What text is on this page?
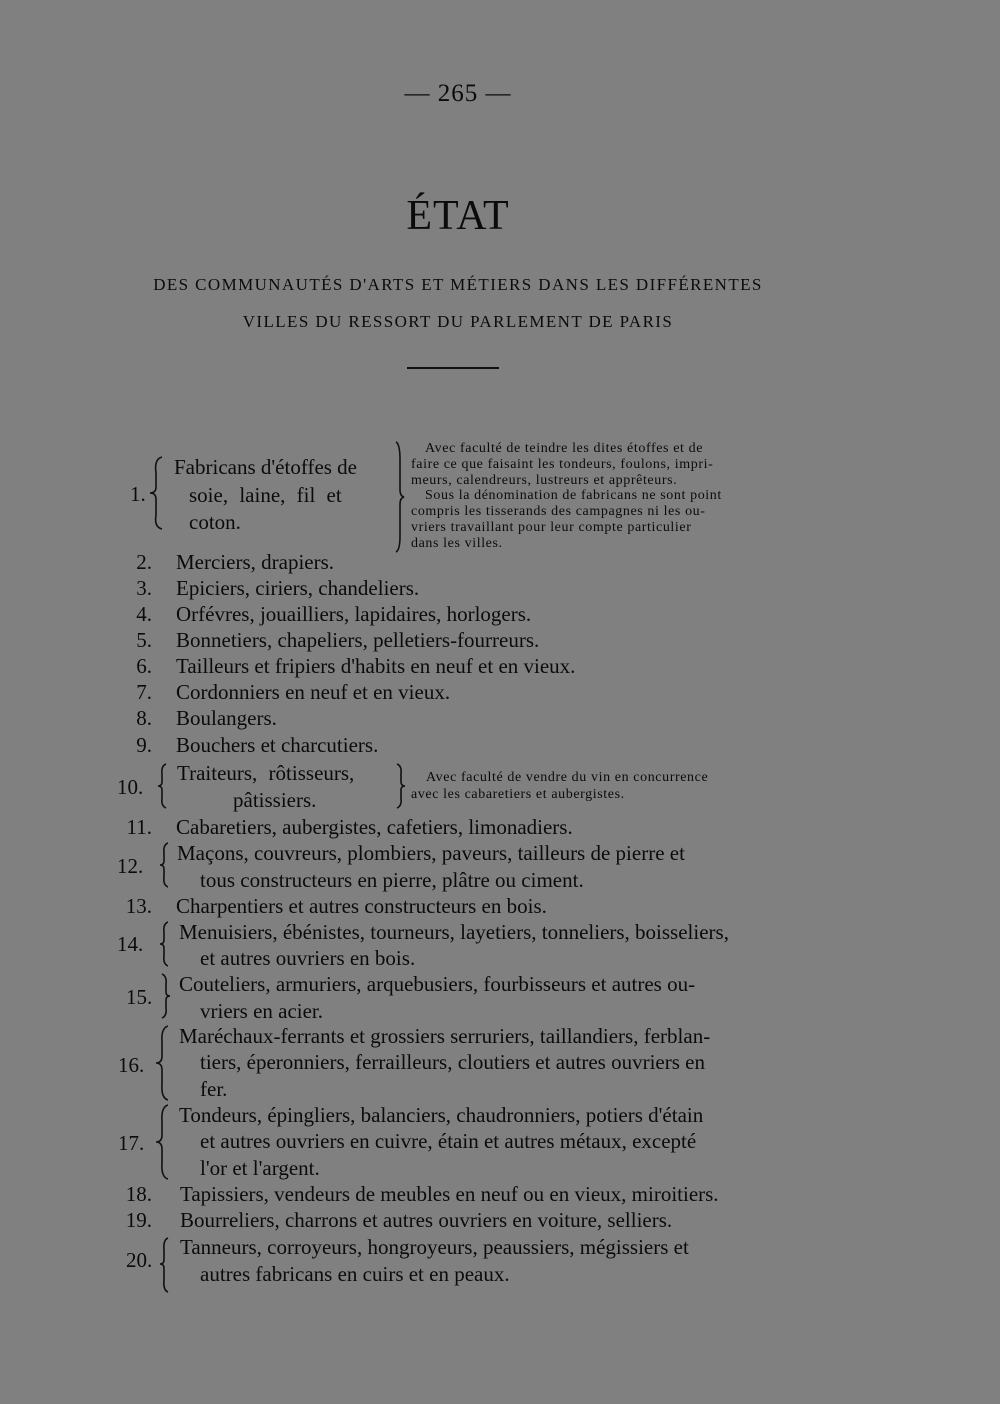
— 265 —
ÉTAT
DES COMMUNAUTÉS D'ARTS ET MÉTIERS DANS LES DIFFÉRENTES
VILLES DU RESSORT DU PARLEMENT DE PARIS
1.
Fabricans d'étoffes de
soie, laine, fil et
coton.
Avec faculté de teindre les dites étoffes et de
faire ce que faisaint les tondeurs, foulons, impri-
meurs, calendreurs, lustreurs et apprêteurs.
Sous la dénomination de fabricans ne sont point
compris les tisserands des campagnes ni les ou-
vriers travaillant pour leur compte particulier
dans les villes.
2. Merciers, drapiers.
3. Epiciers, ciriers, chandeliers.
4. Orfévres, jouailliers, lapidaires, horlogers.
5. Bonnetiers, chapeliers, pelletiers-fourreurs.
6. Tailleurs et fripiers d'habits en neuf et en vieux.
7. Cordonniers en neuf et en vieux.
8. Boulangers.
9. Bouchers et charcutiers.
10.
Traiteurs, rôtisseurs,
pâtissiers.
Avec faculté de vendre du vin en concurrence
avec les cabaretiers et aubergistes.
11. Cabaretiers, aubergistes, cafetiers, limonadiers.
12.
Maçons, couvreurs, plombiers, paveurs, tailleurs de pierre et
tous constructeurs en pierre, plâtre ou ciment.
13. Charpentiers et autres constructeurs en bois.
14. Menuisiers, ébénistes, tourneurs, layetiers, tonneliers, boisseliers,
et autres ouvriers en bois.
15.
Couteliers, armuriers, arquebusiers, fourbisseurs et autres ou-
vriers en acier.
16.
Maréchaux-ferrants et grossiers serruriers, taillandiers, ferblan-
tiers, éperonniers, ferrailleurs, cloutiers et autres ouvriers en
fer.
17.
Tondeurs, épingliers, balanciers, chaudronniers, potiers d'étain
et autres ouvriers en cuivre, étain et autres métaux, excepté
l'or et l'argent.
18. Tapissiers, vendeurs de meubles en neuf ou en vieux, miroitiers.
19. Bourreliers, charrons et autres ouvriers en voiture, selliers.
20.
Tanneurs, corroyeurs, hongroyeurs, peaussiers, mégissiers et
autres fabricans en cuirs et en peaux.
